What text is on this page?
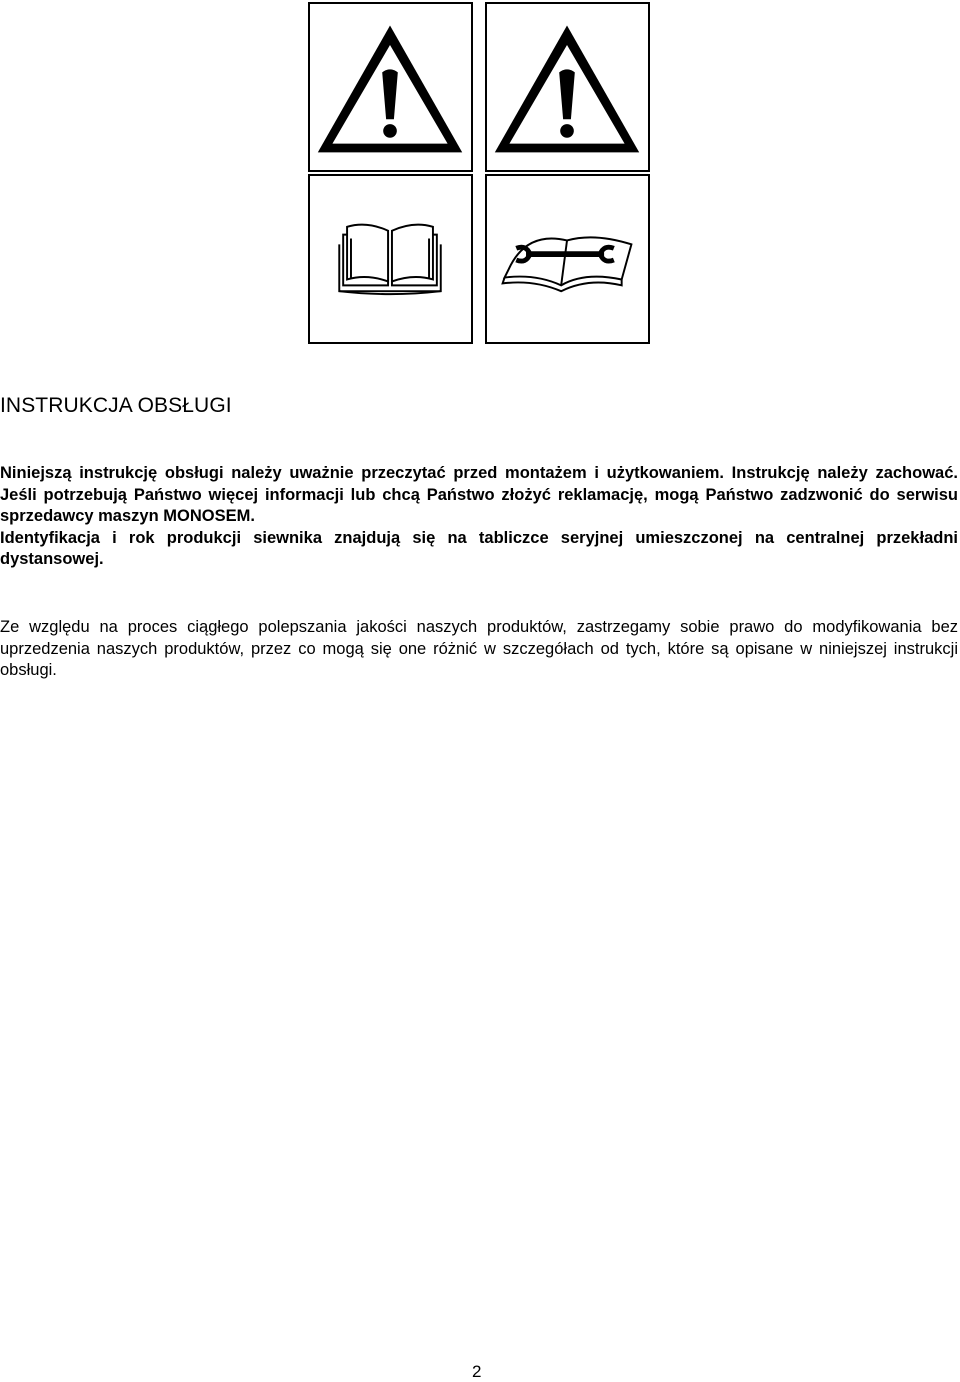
INSTRUKCJA OBSŁUGI

Niniejszą instrukcję obsługi należy uważnie przeczytać przed montażem i użytkowaniem. Instrukcję należy zachować. Jeśli potrzebują Państwo więcej informacji lub chcą Państwo złożyć reklamację, mogą Państwo zadzwonić do serwisu sprzedawcy maszyn MONOSEM.
Identyfikacja i rok produkcji siewnika znajdują się na tabliczce seryjnej umieszczonej na centralnej przekładni dystansowej.

Ze względu na proces ciągłego polepszania jakości naszych produktów, zastrzegamy sobie prawo do modyfikowania bez uprzedzenia naszych produktów, przez co mogą się one różnić w szczegółach od tych, które są opisane w niniejszej instrukcji obsługi.

2
